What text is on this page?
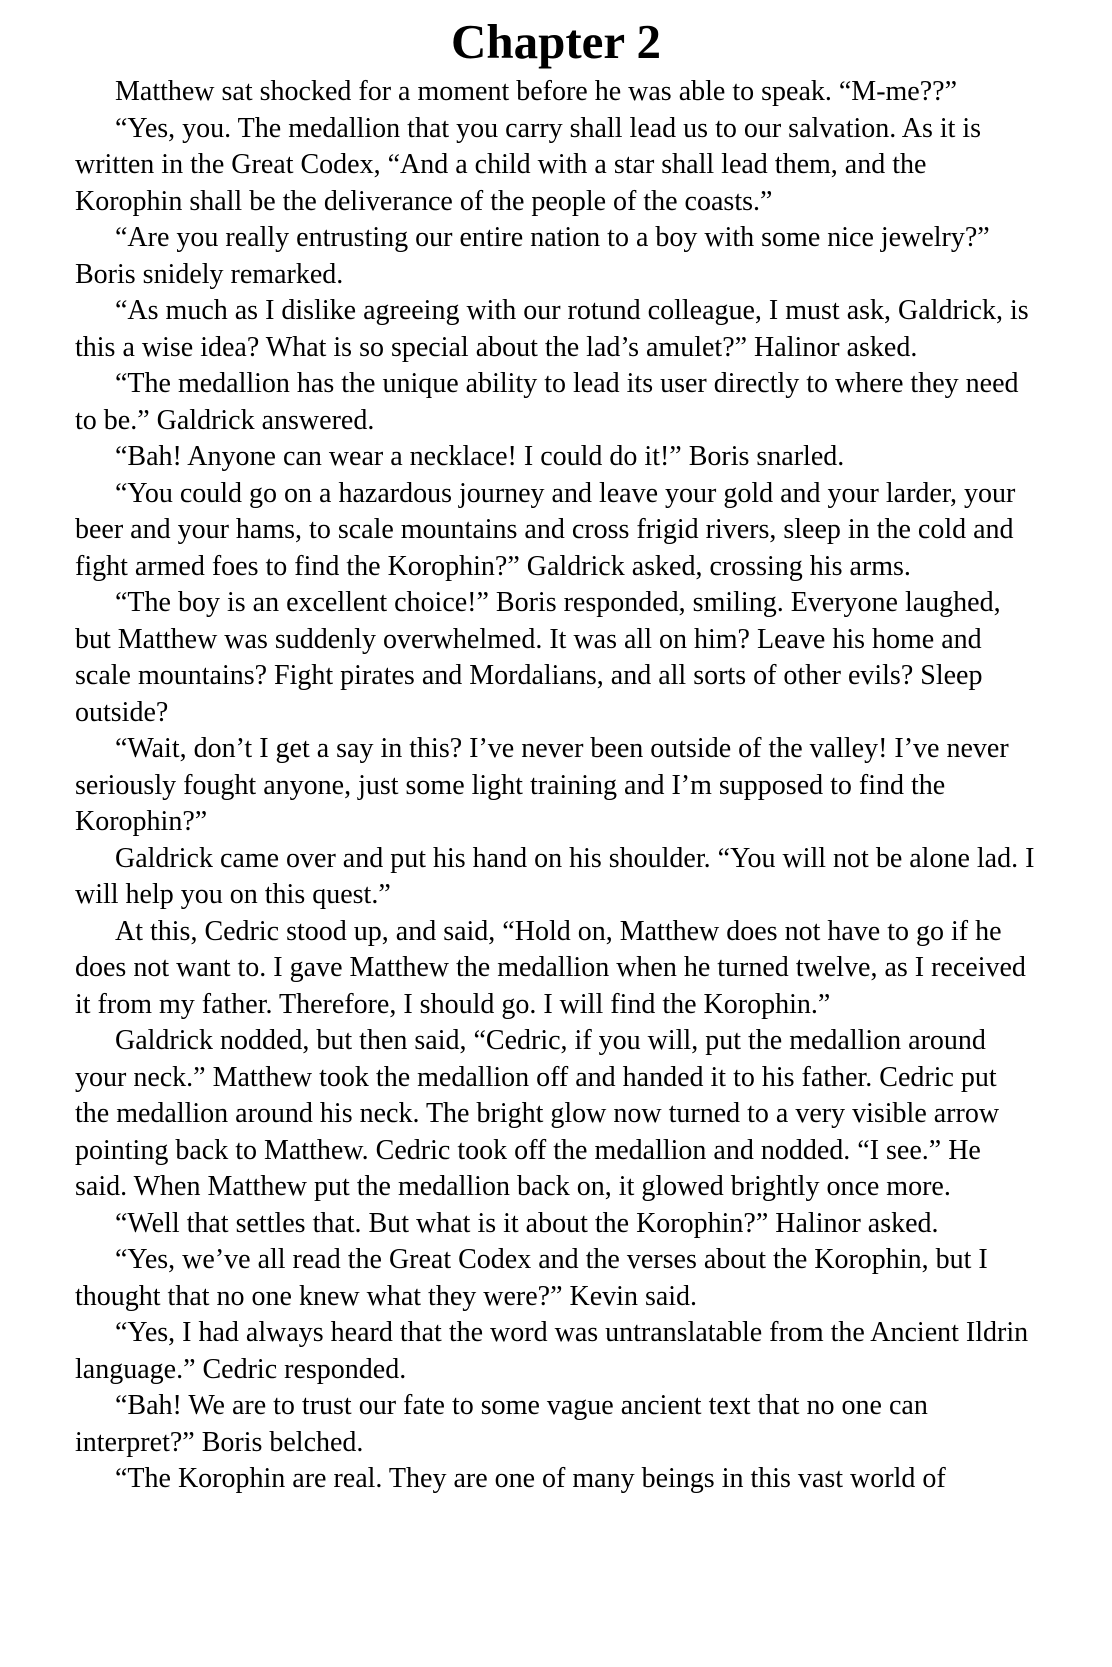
Chapter 2

Matthew sat shocked for a moment before he was able to speak. “M-me??”

“Yes, you. The medallion that you carry shall lead us to our salvation. As it is written in the Great Codex, “And a child with a star shall lead them, and the Korophin shall be the deliverance of the people of the coasts.”

“Are you really entrusting our entire nation to a boy with some nice jewelry?” Boris snidely remarked.

“As much as I dislike agreeing with our rotund colleague, I must ask, Galdrick, is this a wise idea? What is so special about the lad’s amulet?” Halinor asked.

“The medallion has the unique ability to lead its user directly to where they need to be.” Galdrick answered.

“Bah! Anyone can wear a necklace! I could do it!” Boris snarled.

“You could go on a hazardous journey and leave your gold and your larder, your beer and your hams, to scale mountains and cross frigid rivers, sleep in the cold and fight armed foes to find the Korophin?” Galdrick asked, crossing his arms.

“The boy is an excellent choice!” Boris responded, smiling. Everyone laughed, but Matthew was suddenly overwhelmed. It was all on him? Leave his home and scale mountains? Fight pirates and Mordalians, and all sorts of other evils? Sleep outside?

“Wait, don’t I get a say in this? I’ve never been outside of the valley! I’ve never seriously fought anyone, just some light training and I’m supposed to find the Korophin?”

Galdrick came over and put his hand on his shoulder. “You will not be alone lad. I will help you on this quest.”

At this, Cedric stood up, and said, “Hold on, Matthew does not have to go if he does not want to. I gave Matthew the medallion when he turned twelve, as I received it from my father. Therefore, I should go. I will find the Korophin.”

Galdrick nodded, but then said, “Cedric, if you will, put the medallion around your neck.” Matthew took the medallion off and handed it to his father. Cedric put the medallion around his neck. The bright glow now turned to a very visible arrow pointing back to Matthew. Cedric took off the medallion and nodded. “I see.” He said. When Matthew put the medallion back on, it glowed brightly once more.

“Well that settles that. But what is it about the Korophin?” Halinor asked.

“Yes, we’ve all read the Great Codex and the verses about the Korophin, but I thought that no one knew what they were?” Kevin said.

“Yes, I had always heard that the word was untranslatable from the Ancient Ildrin language.” Cedric responded.

“Bah! We are to trust our fate to some vague ancient text that no one can interpret?” Boris belched.

“The Korophin are real. They are one of many beings in this vast world of
